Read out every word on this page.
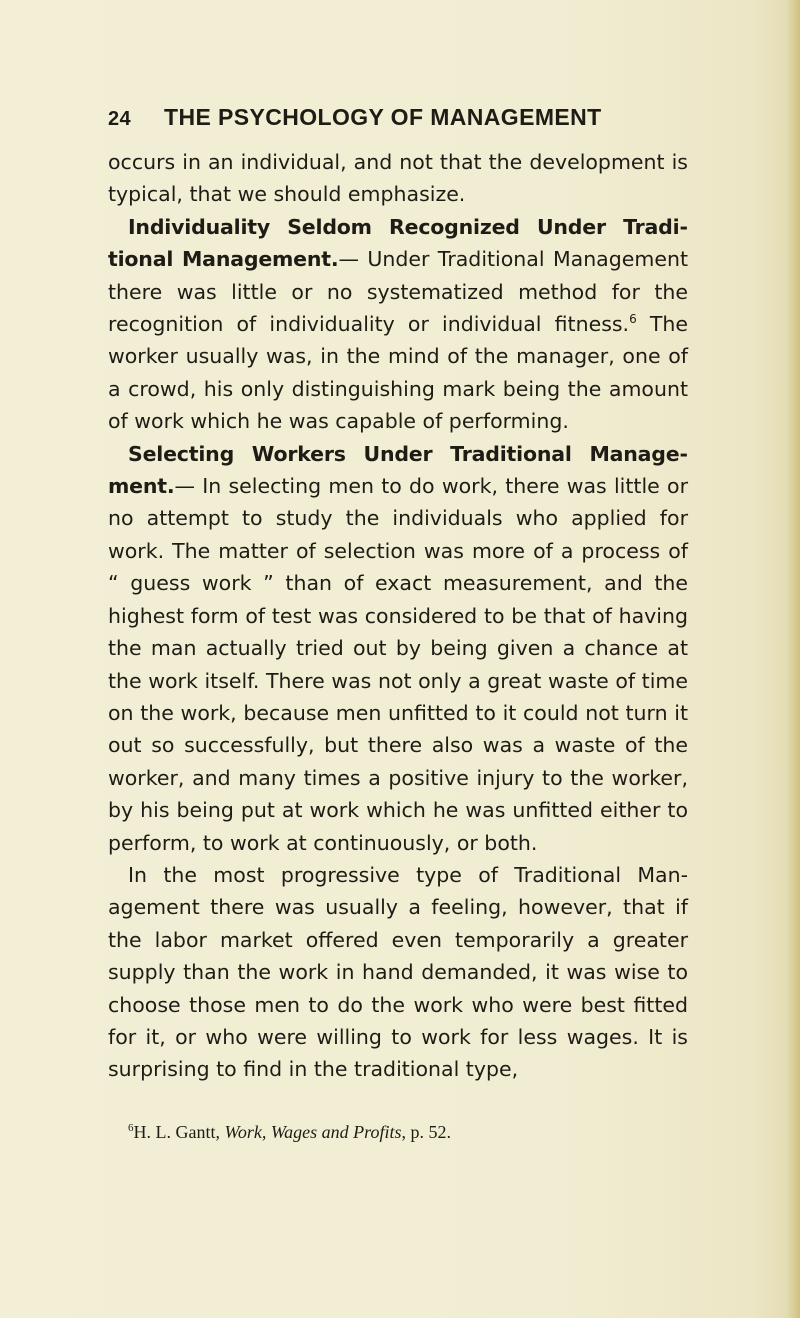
24	THE PSYCHOLOGY OF MANAGEMENT

occurs in an individual, and not that the development is typical, that we should emphasize.

Individuality Seldom Recognized Under Traditional Management.— Under Traditional Management there was little or no systematized method for the recognition of individuality or individual fitness.$^6$ The worker usually was, in the mind of the manager, one of a crowd, his only distinguishing mark being the amount of work which he was capable of performing.

Selecting Workers Under Traditional Management.— In selecting men to do work, there was little or no attempt to study the individuals who applied for work. The matter of selection was more of a process of “ guess work ” than of exact measurement, and the highest form of test was considered to be that of having the man actually tried out by being given a chance at the work itself. There was not only a great waste of time on the work, because men unfitted to it could not turn it out so successfully, but there also was a waste of the worker, and many times a positive injury to the worker, by his being put at work which he was unfitted either to perform, to work at continuously, or both.

In the most progressive type of Traditional Management there was usually a feeling, however, that if the labor market offered even temporarily a greater supply than the work in hand demanded, it was wise to choose those men to do the work who were best fitted for it, or who were willing to work for less wages. It is surprising to find in the traditional type,

$^6$H. L. Gantt, Work, Wages and Profits, p. 52.
